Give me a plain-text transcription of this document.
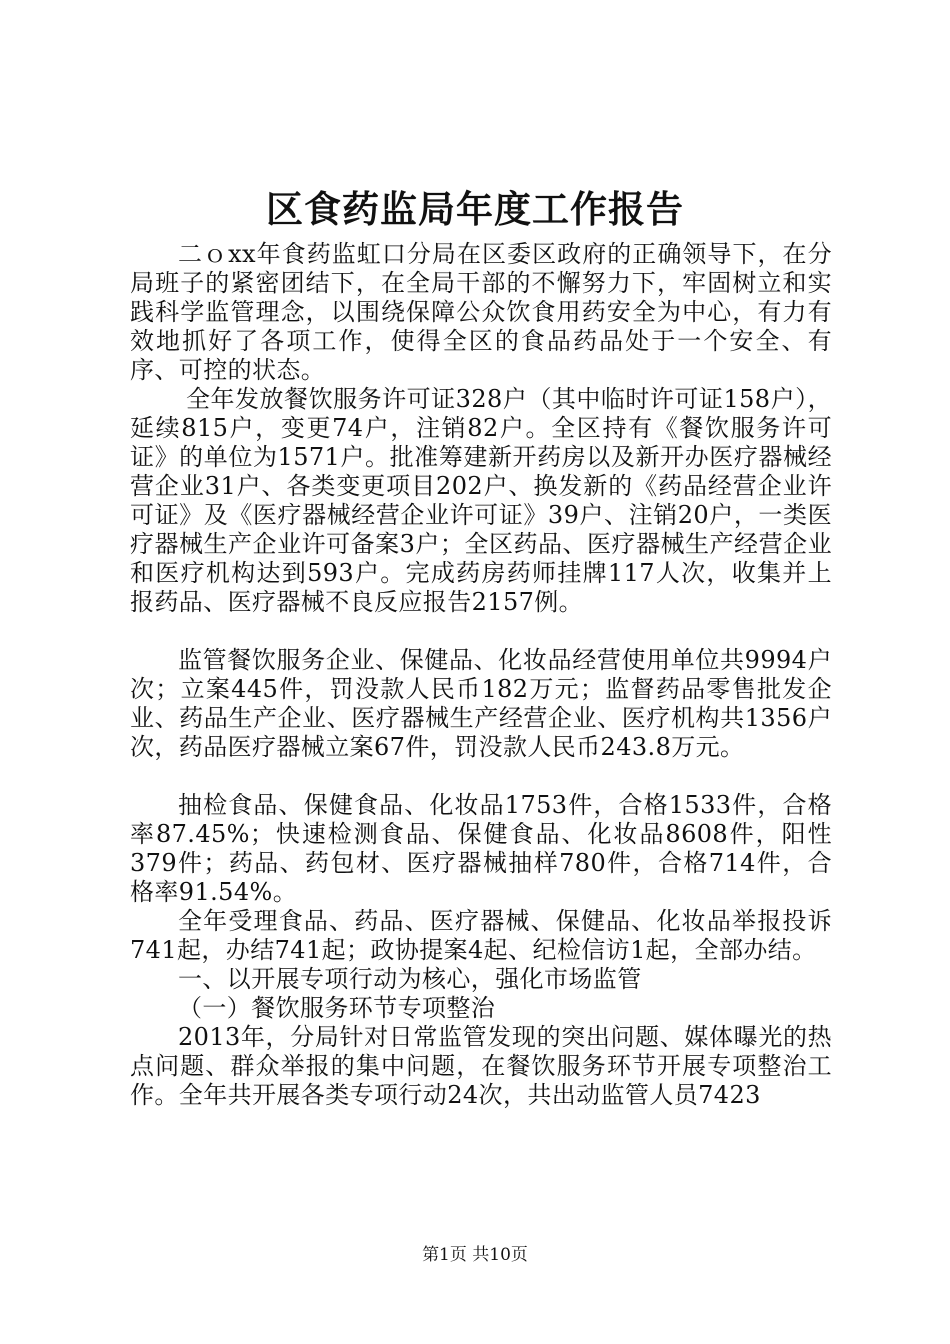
区食药监局年度工作报告

二ｏxx年食药监虹口分局在区委区政府的正确领导下，在分局班子的紧密团结下，在全局干部的不懈努力下，牢固树立和实践科学监管理念，以围绕保障公众饮食用药安全为中心，有力有效地抓好了各项工作，使得全区的食品药品处于一个安全、有序、可控的状态。

全年发放餐饮服务许可证328户（其中临时许可证158户），延续815户，变更74户，注销82户。全区持有《餐饮服务许可证》的单位为1571户。批准筹建新开药房以及新开办医疗器械经营企业31户、各类变更项目202户、换发新的《药品经营企业许可证》及《医疗器械经营企业许可证》39户、注销20户，一类医疗器械生产企业许可备案3户；全区药品、医疗器械生产经营企业和医疗机构达到593户。完成药房药师挂牌117人次，收集并上报药品、医疗器械不良反应报告2157例。

监管餐饮服务企业、保健品、化妆品经营使用单位共9994户次；立案445件，罚没款人民币182万元；监督药品零售批发企业、药品生产企业、医疗器械生产经营企业、医疗机构共1356户次，药品医疗器械立案67件，罚没款人民币243.8万元。

抽检食品、保健食品、化妆品1753件，合格1533件，合格率87.45%；快速检测食品、保健食品、化妆品8608件，阳性379件；药品、药包材、医疗器械抽样780件，合格714件，合格率91.54%。

全年受理食品、药品、医疗器械、保健品、化妆品举报投诉741起，办结741起；政协提案4起、纪检信访1起，全部办结。

一、以开展专项行动为核心，强化市场监管

（一）餐饮服务环节专项整治

2013年，分局针对日常监管发现的突出问题、媒体曝光的热点问题、群众举报的集中问题，在餐饮服务环节开展专项整治工作。全年共开展各类专项行动24次，共出动监管人员7423

第1页 共10页
